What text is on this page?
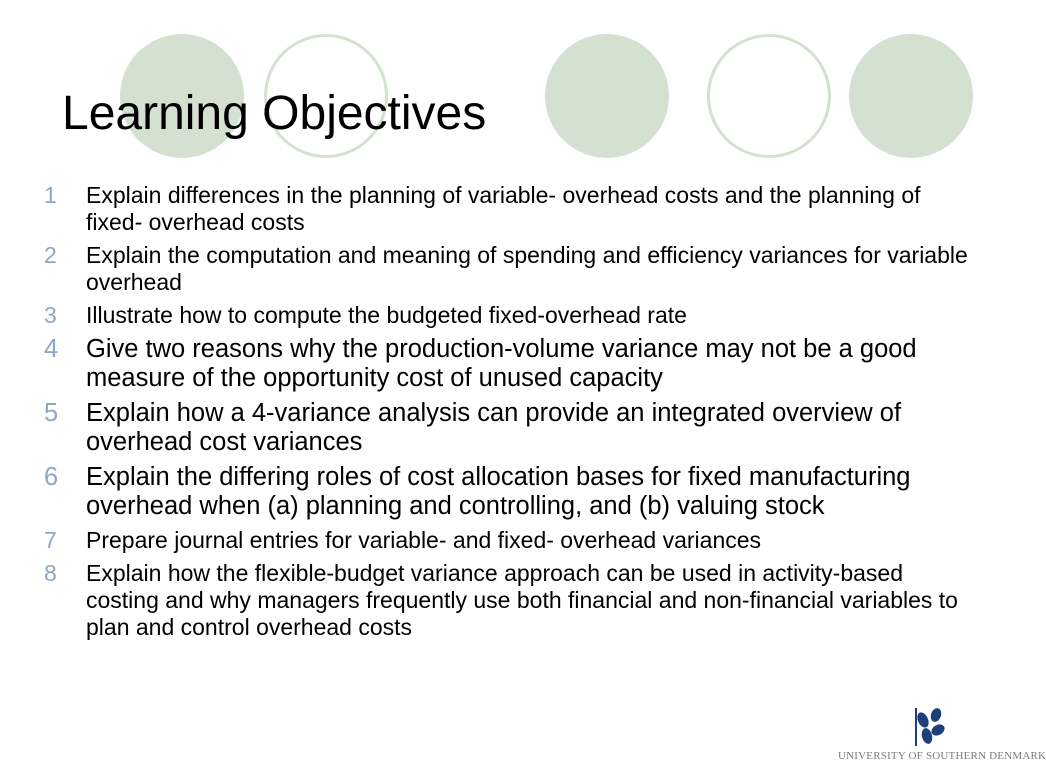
Learning Objectives
1	Explain differences in the planning of variable- overhead costs and the planning of fixed- overhead costs
2	Explain the computation and meaning of spending and efficiency variances for variable overhead
3	Illustrate how to compute the budgeted fixed-overhead rate
4	Give two reasons why the production-volume variance may not be a good measure of the opportunity cost of unused capacity
5	Explain how a 4-variance analysis can provide an integrated overview of overhead cost variances
6	Explain the differing roles of cost allocation bases for fixed manufacturing overhead when (a) planning and controlling, and (b) valuing stock
7	Prepare journal entries for variable- and fixed- overhead variances
8	Explain how the flexible-budget variance approach can be used in activity-based costing and why managers frequently use both financial and non-financial variables to plan and control overhead costs
UNIVERSITY OF SOUTHERN DENMARK
